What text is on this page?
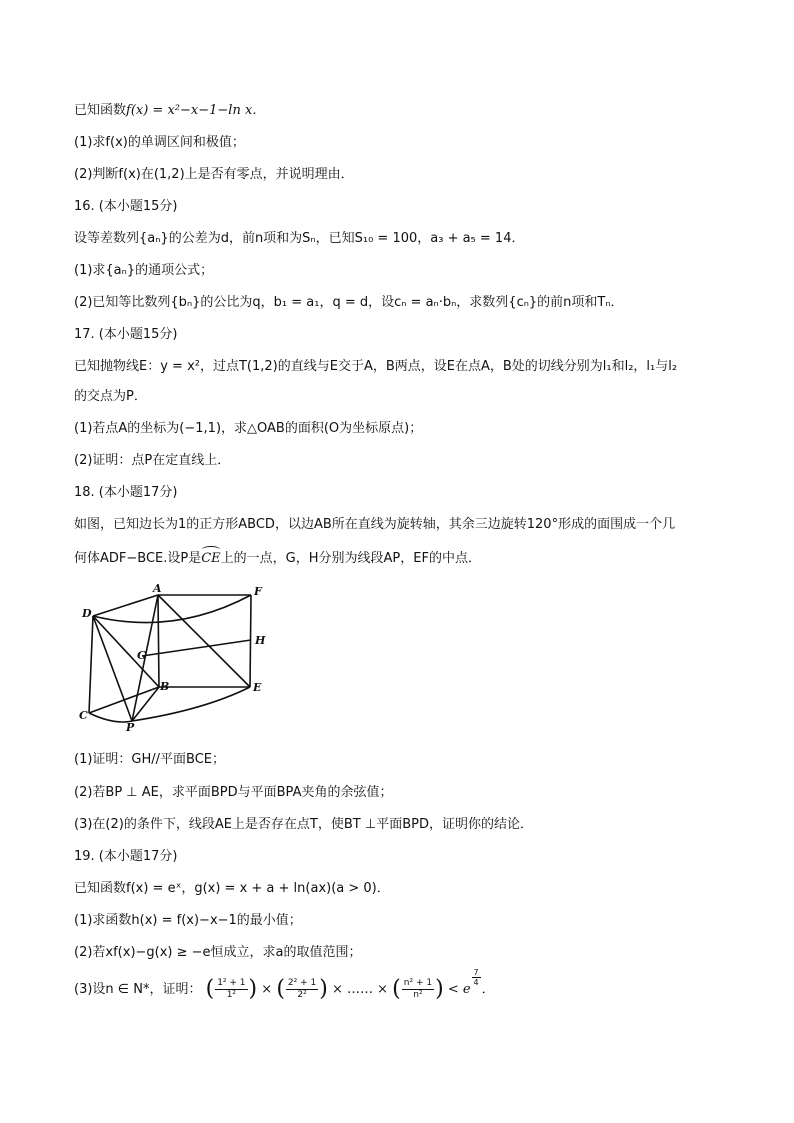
已知函数f(x) = x²−x−1−ln x．
(1)求f(x)的单调区间和极值；
(2)判断f(x)在(1,2)上是否有零点，并说明理由．
16. (本小题15分)
设等差数列{aₙ}的公差为d，前n项和为Sₙ，已知S₁₀ = 100，a₃ + a₅ = 14．
(1)求{aₙ}的通项公式；
(2)已知等比数列{bₙ}的公比为q，b₁ = a₁，q = d，设cₙ = aₙ·bₙ，求数列{cₙ}的前n项和Tₙ．
17. (本小题15分)
已知抛物线E：y = x²，过点T(1,2)的直线与E交于A，B两点，设E在点A，B处的切线分别为l₁和l₂，l₁与l₂
的交点为P．
(1)若点A的坐标为(−1,1)，求△OAB的面积(O为坐标原点)；
(2)证明：点P在定直线上．
18. (本小题17分)
如图，已知边长为1的正方形ABCD，以边AB所在直线为旋转轴，其余三边旋转120°形成的面围成一个几
何体ADF−BCE.设P是CE上的一点，G，H分别为线段AP，EF的中点．
A	F
D
H
G
B	E
C
P
(1)证明：GH//平面BCE；
(2)若BP ⊥ AE，求平面BPD与平面BPA夹角的余弦值；
(3)在(2)的条件下，线段AE上是否存在点T，使BT ⊥平面BPD，证明你的结论．
19. (本小题17分)
已知函数f(x) = eˣ，g(x) = x + a + ln(ax)(a > 0)．
(1)求函数h(x) = f(x)−x−1的最小值；
(2)若xf(x)−g(x) ≥ −e恒成立，求a的取值范围；
(3)设n ∈ N*，证明： ( $\frac{\text{1² + 1}}{\text{1²}}$ ) × ( $\frac{\text{2² + 1}}{\text{2²}}$ ) × …… × ( $\frac{\text{n² + 1}}{\text{n²}}$ ) < e
$\frac{7}{4}$
．
